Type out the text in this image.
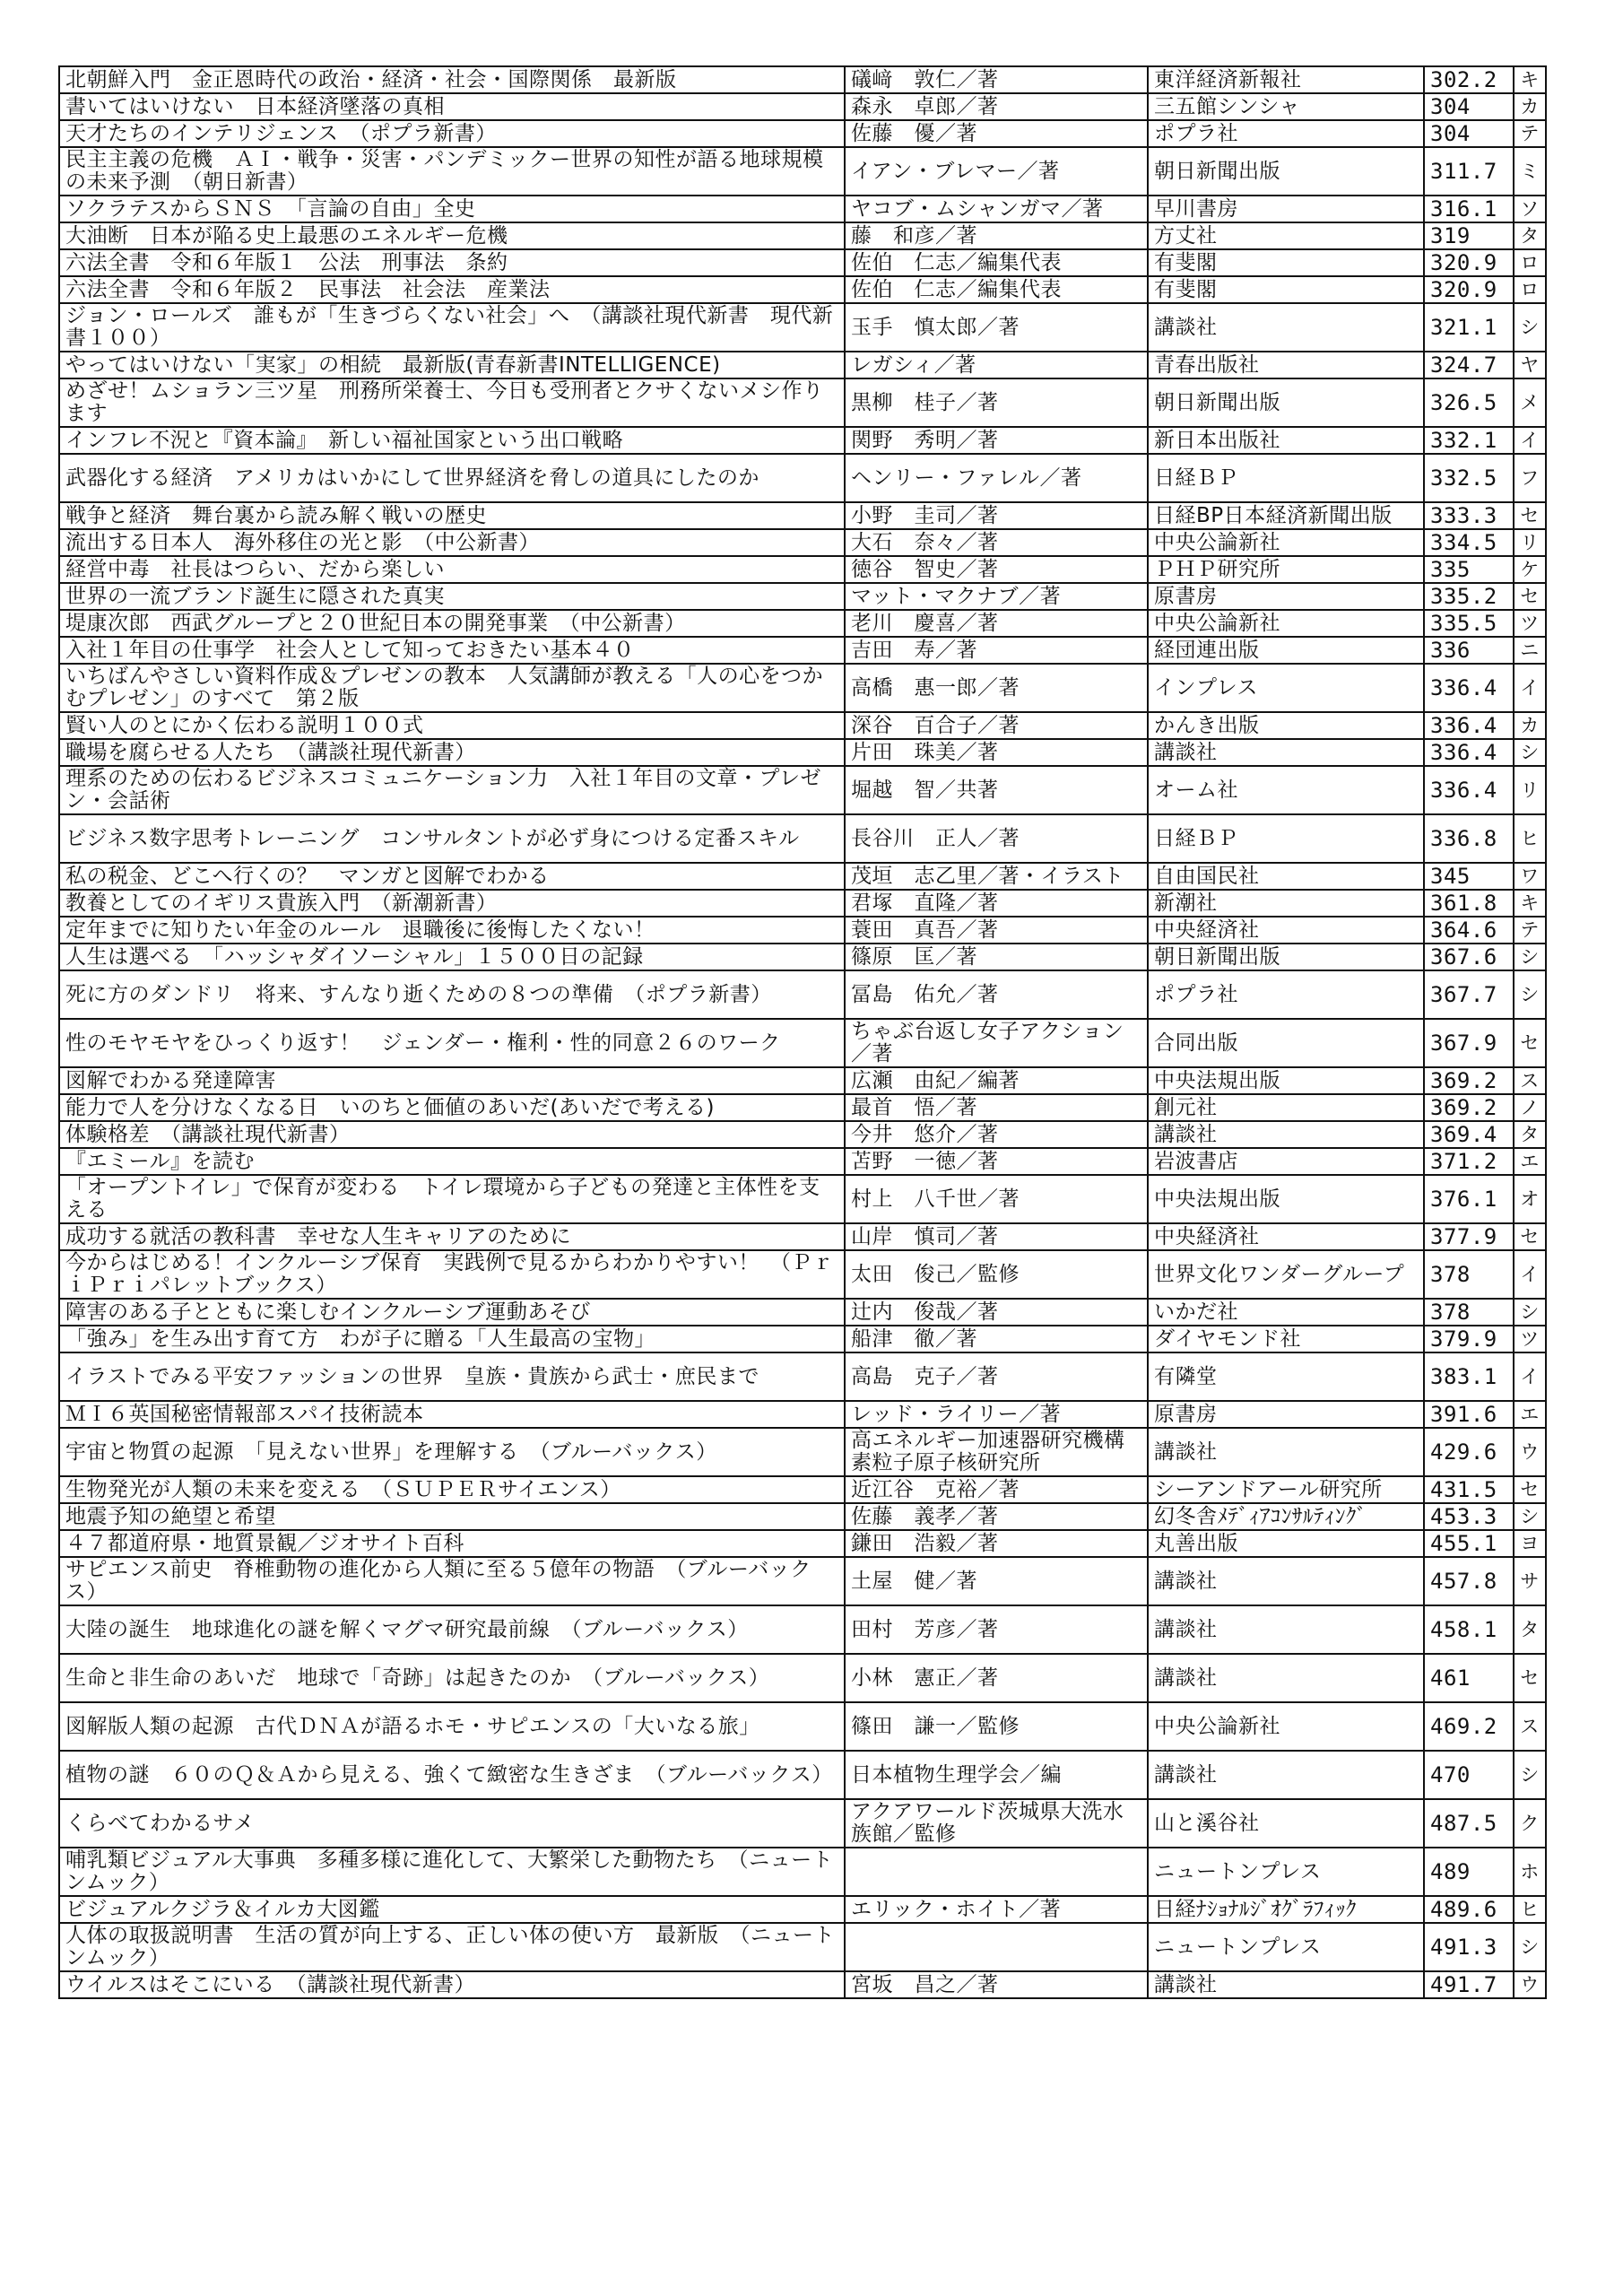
北朝鮮入門　金正恩時代の政治・経済・社会・国際関係　最新版	礒﨑　敦仁／著	東洋経済新報社	302.2	キ
書いてはいけない　日本経済墜落の真相	森永　卓郎／著	三五館シンシャ	304	カ
天才たちのインテリジェンス　（ポプラ新書）	佐藤　優／著	ポプラ社	304	テ
民主主義の危機　ＡＩ・戦争・災害・パンデミックー世界の知性が語る地球規模の未来予測　（朝日新書）	イアン・ブレマー／著	朝日新聞出版	311.7	ミ
ソクラテスからＳＮＳ　「言論の自由」全史	ヤコブ・ムシャンガマ／著	早川書房	316.1	ソ
大油断　日本が陥る史上最悪のエネルギー危機	藤　和彦／著	方丈社	319	タ
六法全書　令和６年版１　公法　刑事法　条約	佐伯　仁志／編集代表	有斐閣	320.9	ロ
六法全書　令和６年版２　民事法　社会法　産業法	佐伯　仁志／編集代表	有斐閣	320.9	ロ
ジョン・ロールズ　誰もが「生きづらくない社会」へ　（講談社現代新書　現代新書１００）	玉手　慎太郎／著	講談社	321.1	シ
やってはいけない「実家」の相続　最新版(青春新書INTELLIGENCE)	レガシィ／著	青春出版社	324.7	ヤ
めざせ！ムショラン三ツ星　刑務所栄養士、今日も受刑者とクサくないメシ作ります	黒柳　桂子／著	朝日新聞出版	326.5	メ
インフレ不況と『資本論』　新しい福祉国家という出口戦略	関野　秀明／著	新日本出版社	332.1	イ
武器化する経済　アメリカはいかにして世界経済を脅しの道具にしたのか	ヘンリー・ファレル／著	日経ＢＰ	332.5	フ
戦争と経済　舞台裏から読み解く戦いの歴史	小野　圭司／著	日経BP日本経済新聞出版	333.3	セ
流出する日本人　海外移住の光と影　（中公新書）	大石　奈々／著	中央公論新社	334.5	リ
経営中毒　社長はつらい、だから楽しい	徳谷　智史／著	ＰＨＰ研究所	335	ケ
世界の一流ブランド誕生に隠された真実	マット・マクナブ／著	原書房	335.2	セ
堤康次郎　西武グループと２０世紀日本の開発事業　（中公新書）	老川　慶喜／著	中央公論新社	335.5	ツ
入社１年目の仕事学　社会人として知っておきたい基本４０	吉田　寿／著	経団連出版	336	ニ
いちばんやさしい資料作成＆プレゼンの教本　人気講師が教える「人の心をつかむプレゼン」のすべて　第２版	高橋　惠一郎／著	インプレス	336.4	イ
賢い人のとにかく伝わる説明１００式	深谷　百合子／著	かんき出版	336.4	カ
職場を腐らせる人たち　（講談社現代新書）	片田　珠美／著	講談社	336.4	シ
理系のための伝わるビジネスコミュニケーション力　入社１年目の文章・プレゼン・会話術	堀越　智／共著	オーム社	336.4	リ
ビジネス数字思考トレーニング　コンサルタントが必ず身につける定番スキル	長谷川　正人／著	日経ＢＰ	336.8	ヒ
私の税金、どこへ行くの？　マンガと図解でわかる	茂垣　志乙里／著・イラスト	自由国民社	345	ワ
教養としてのイギリス貴族入門　（新潮新書）	君塚　直隆／著	新潮社	361.8	キ
定年までに知りたい年金のルール　退職後に後悔したくない！	蓑田　真吾／著	中央経済社	364.6	テ
人生は選べる　「ハッシャダイソーシャル」１５００日の記録	篠原　匡／著	朝日新聞出版	367.6	シ
死に方のダンドリ　将来、すんなり逝くための８つの準備　（ポプラ新書）	冨島　佑允／著	ポプラ社	367.7	シ
性のモヤモヤをひっくり返す！　ジェンダー・権利・性的同意２６のワーク	ちゃぶ台返し女子アクション／著	合同出版	367.9	セ
図解でわかる発達障害	広瀬　由紀／編著	中央法規出版	369.2	ス
能力で人を分けなくなる日　いのちと価値のあいだ(あいだで考える)	最首　悟／著	創元社	369.2	ノ
体験格差　（講談社現代新書）	今井　悠介／著	講談社	369.4	タ
『エミール』を読む	苫野　一徳／著	岩波書店	371.2	エ
「オープントイレ」で保育が変わる　トイレ環境から子どもの発達と主体性を支える	村上　八千世／著	中央法規出版	376.1	オ
成功する就活の教科書　幸せな人生キャリアのために	山岸　慎司／著	中央経済社	377.9	セ
今からはじめる！インクルーシブ保育　実践例で見るからわかりやすい！　（ＰｒｉＰｒｉパレットブックス）	太田　俊己／監修	世界文化ワンダーグループ	378	イ
障害のある子とともに楽しむインクルーシブ運動あそび	辻内　俊哉／著	いかだ社	378	シ
「強み」を生み出す育て方　わが子に贈る「人生最高の宝物」	船津　徹／著	ダイヤモンド社	379.9	ツ
イラストでみる平安ファッションの世界　皇族・貴族から武士・庶民まで	高島　克子／著	有隣堂	383.1	イ
ＭＩ６英国秘密情報部スパイ技術読本	レッド・ライリー／著	原書房	391.6	エ
宇宙と物質の起源　「見えない世界」を理解する　（ブルーバックス）	高エネルギー加速器研究機構素粒子原子核研究所	講談社	429.6	ウ
生物発光が人類の未来を変える　（ＳＵＰＥＲサイエンス）	近江谷　克裕／著	シーアンドアール研究所	431.5	セ
地震予知の絶望と希望	佐藤　義孝／著	幻冬舎ﾒﾃﾞｨｱｺﾝｻﾙﾃｨﾝｸﾞ	453.3	シ
４７都道府県・地質景観／ジオサイト百科	鎌田　浩毅／著	丸善出版	455.1	ヨ
サピエンス前史　脊椎動物の進化から人類に至る５億年の物語　（ブルーバックス）	土屋　健／著	講談社	457.8	サ
大陸の誕生　地球進化の謎を解くマグマ研究最前線　（ブルーバックス）	田村　芳彦／著	講談社	458.1	タ
生命と非生命のあいだ　地球で「奇跡」は起きたのか　（ブルーバックス）	小林　憲正／著	講談社	461	セ
図解版人類の起源　古代ＤＮＡが語るホモ・サピエンスの「大いなる旅」	篠田　謙一／監修	中央公論新社	469.2	ス
植物の謎　６０のＱ＆Ａから見える、強くて緻密な生きざま　（ブルーバックス）	日本植物生理学会／編	講談社	470	シ
くらべてわかるサメ	アクアワールド茨城県大洗水族館／監修	山と溪谷社	487.5	ク
哺乳類ビジュアル大事典　多種多様に進化して、大繁栄した動物たち　（ニュートンムック）		ニュートンプレス	489	ホ
ビジュアルクジラ＆イルカ大図鑑	エリック・ホイト／著	日経ﾅｼｮﾅﾙｼﾞｵｸﾞﾗﾌｨｯｸ	489.6	ヒ
人体の取扱説明書　生活の質が向上する、正しい体の使い方　最新版　（ニュートンムック）		ニュートンプレス	491.3	シ
ウイルスはそこにいる　（講談社現代新書）	宮坂　昌之／著	講談社	491.7	ウ
